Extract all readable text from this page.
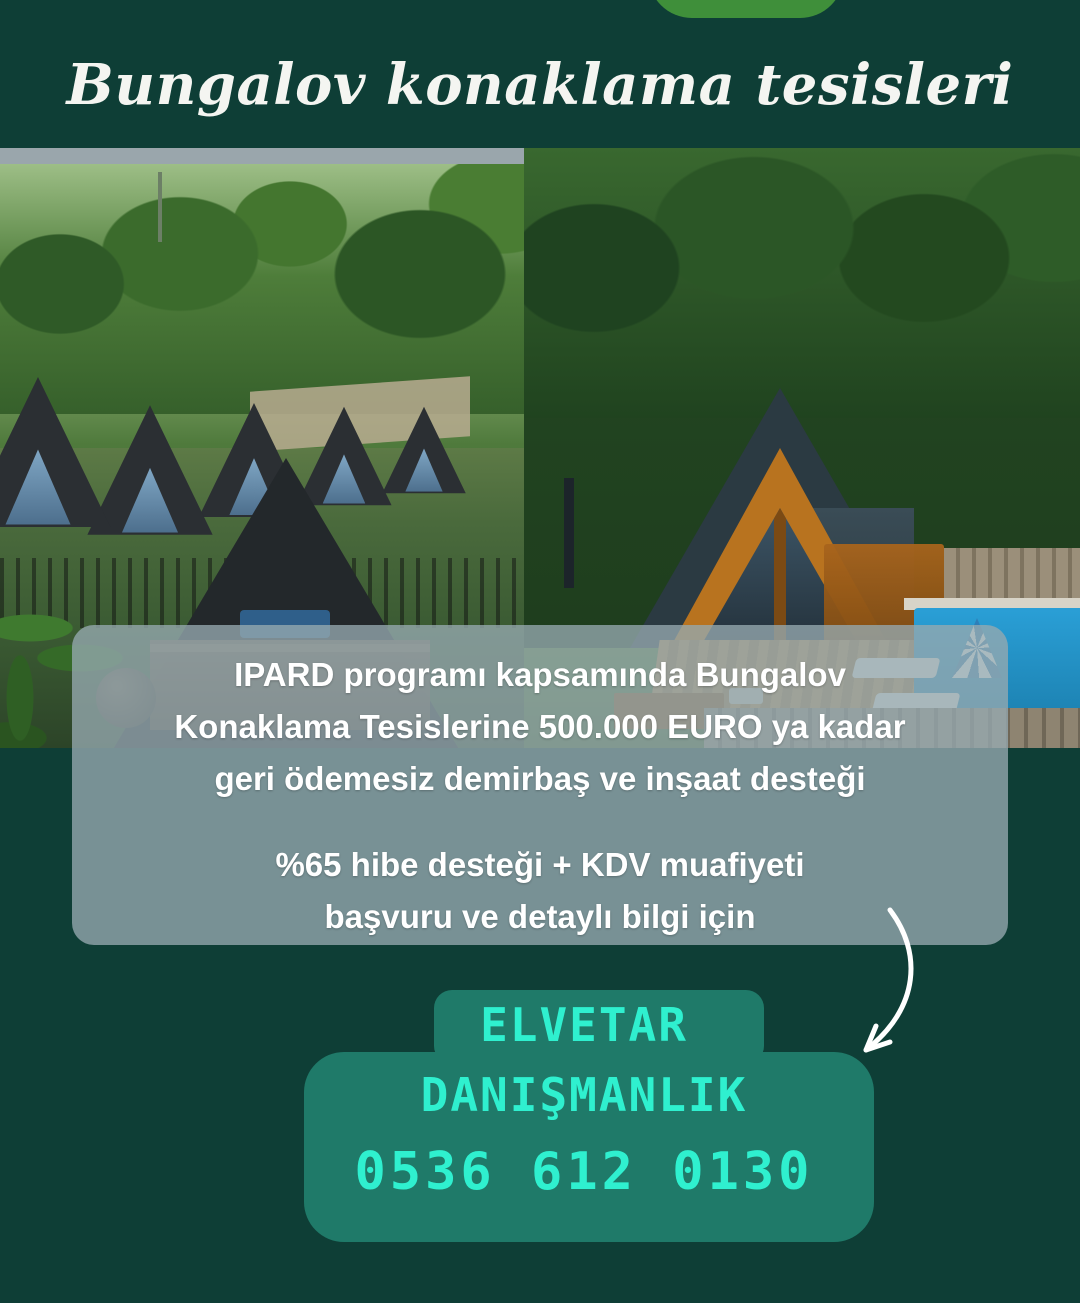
Bungalov konaklama tesisleri

IPARD programı kapsamında Bungalov

Konaklama Tesislerine 500.000 EURO ya kadar

geri ödemesiz demirbaş ve inşaat desteği

%65 hibe desteği + KDV muafiyeti

başvuru ve detaylı bilgi için

ELVETAR
DANIŞMANLIK
0536 612 0130
